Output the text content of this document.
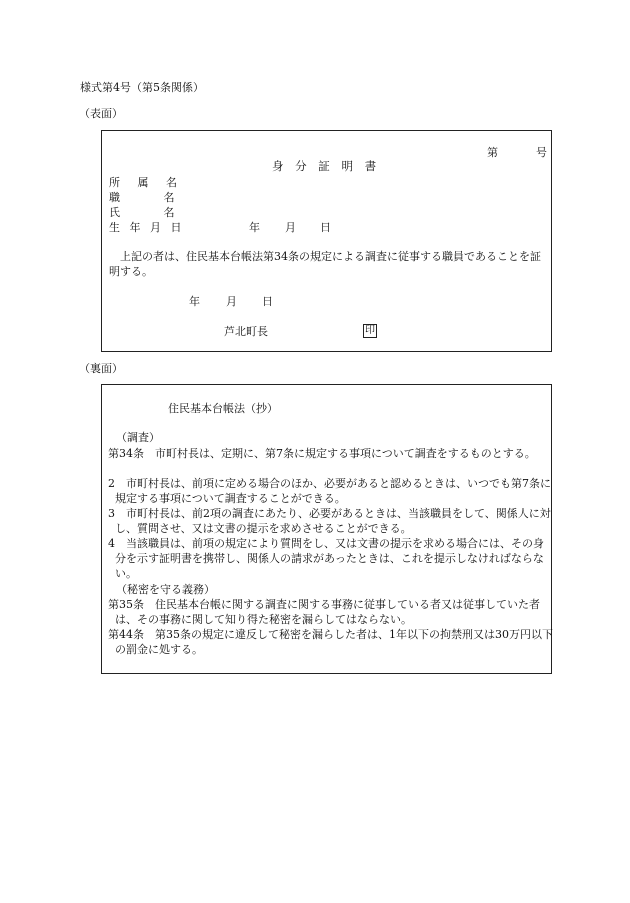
様式第4号（第5条関係）
（表面）
第	号
身 分 証 明 書
所 属 名
職 名
氏 名
生 年 月 日	年 月 日
上記の者は、住民基本台帳法第34条の規定による調査に従事する職員であることを証明する。
年 月 日
芦北町長	印
（裏面）
住民基本台帳法（抄）
（調査）
第34条　市町村長は、定期に、第7条に規定する事項について調査をするものとする。
2　市町村長は、前項に定める場合のほか、必要があると認めるときは、いつでも第7条に規定する事項について調査することができる。
3　市町村長は、前2項の調査にあたり、必要があるときは、当該職員をして、関係人に対し、質問させ、又は文書の提示を求めさせることができる。
4　当該職員は、前項の規定により質問をし、又は文書の提示を求める場合には、その身分を示す証明書を携帯し、関係人の請求があったときは、これを提示しなければならない。
（秘密を守る義務）
第35条　住民基本台帳に関する調査に関する事務に従事している者又は従事していた者は、その事務に関して知り得た秘密を漏らしてはならない。
第44条　第35条の規定に違反して秘密を漏らした者は、1年以下の拘禁刑又は30万円以下の罰金に処する。
